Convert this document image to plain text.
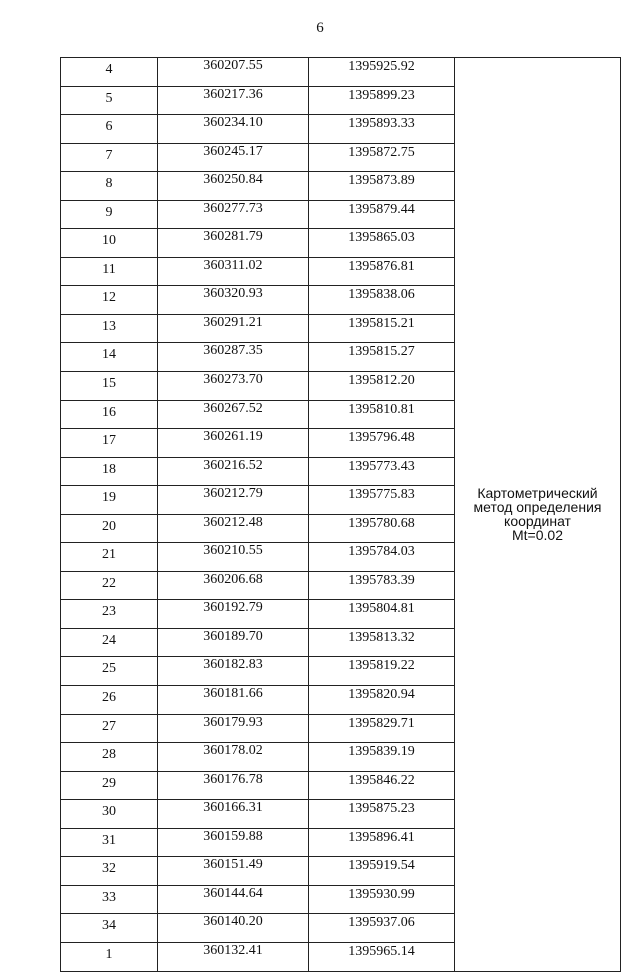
6
4	360207.55	1395925.92	Картометрический
метод определения
координат
Mt=0.02

5	360217.36	1395899.23	
6	360234.10	1395893.33	
7	360245.17	1395872.75	
8	360250.84	1395873.89	
9	360277.73	1395879.44	
10	360281.79	1395865.03	
11	360311.02	1395876.81	
12	360320.93	1395838.06	
13	360291.21	1395815.21	
14	360287.35	1395815.27	
15	360273.70	1395812.20	
16	360267.52	1395810.81	
17	360261.19	1395796.48	
18	360216.52	1395773.43	
19	360212.79	1395775.83	
20	360212.48	1395780.68	
21	360210.55	1395784.03	
22	360206.68	1395783.39	
23	360192.79	1395804.81	
24	360189.70	1395813.32	
25	360182.83	1395819.22	
26	360181.66	1395820.94	
27	360179.93	1395829.71	
28	360178.02	1395839.19	
29	360176.78	1395846.22	
30	360166.31	1395875.23	
31	360159.88	1395896.41	
32	360151.49	1395919.54	
33	360144.64	1395930.99	
34	360140.20	1395937.06	
1	360132.41	1395965.14	
